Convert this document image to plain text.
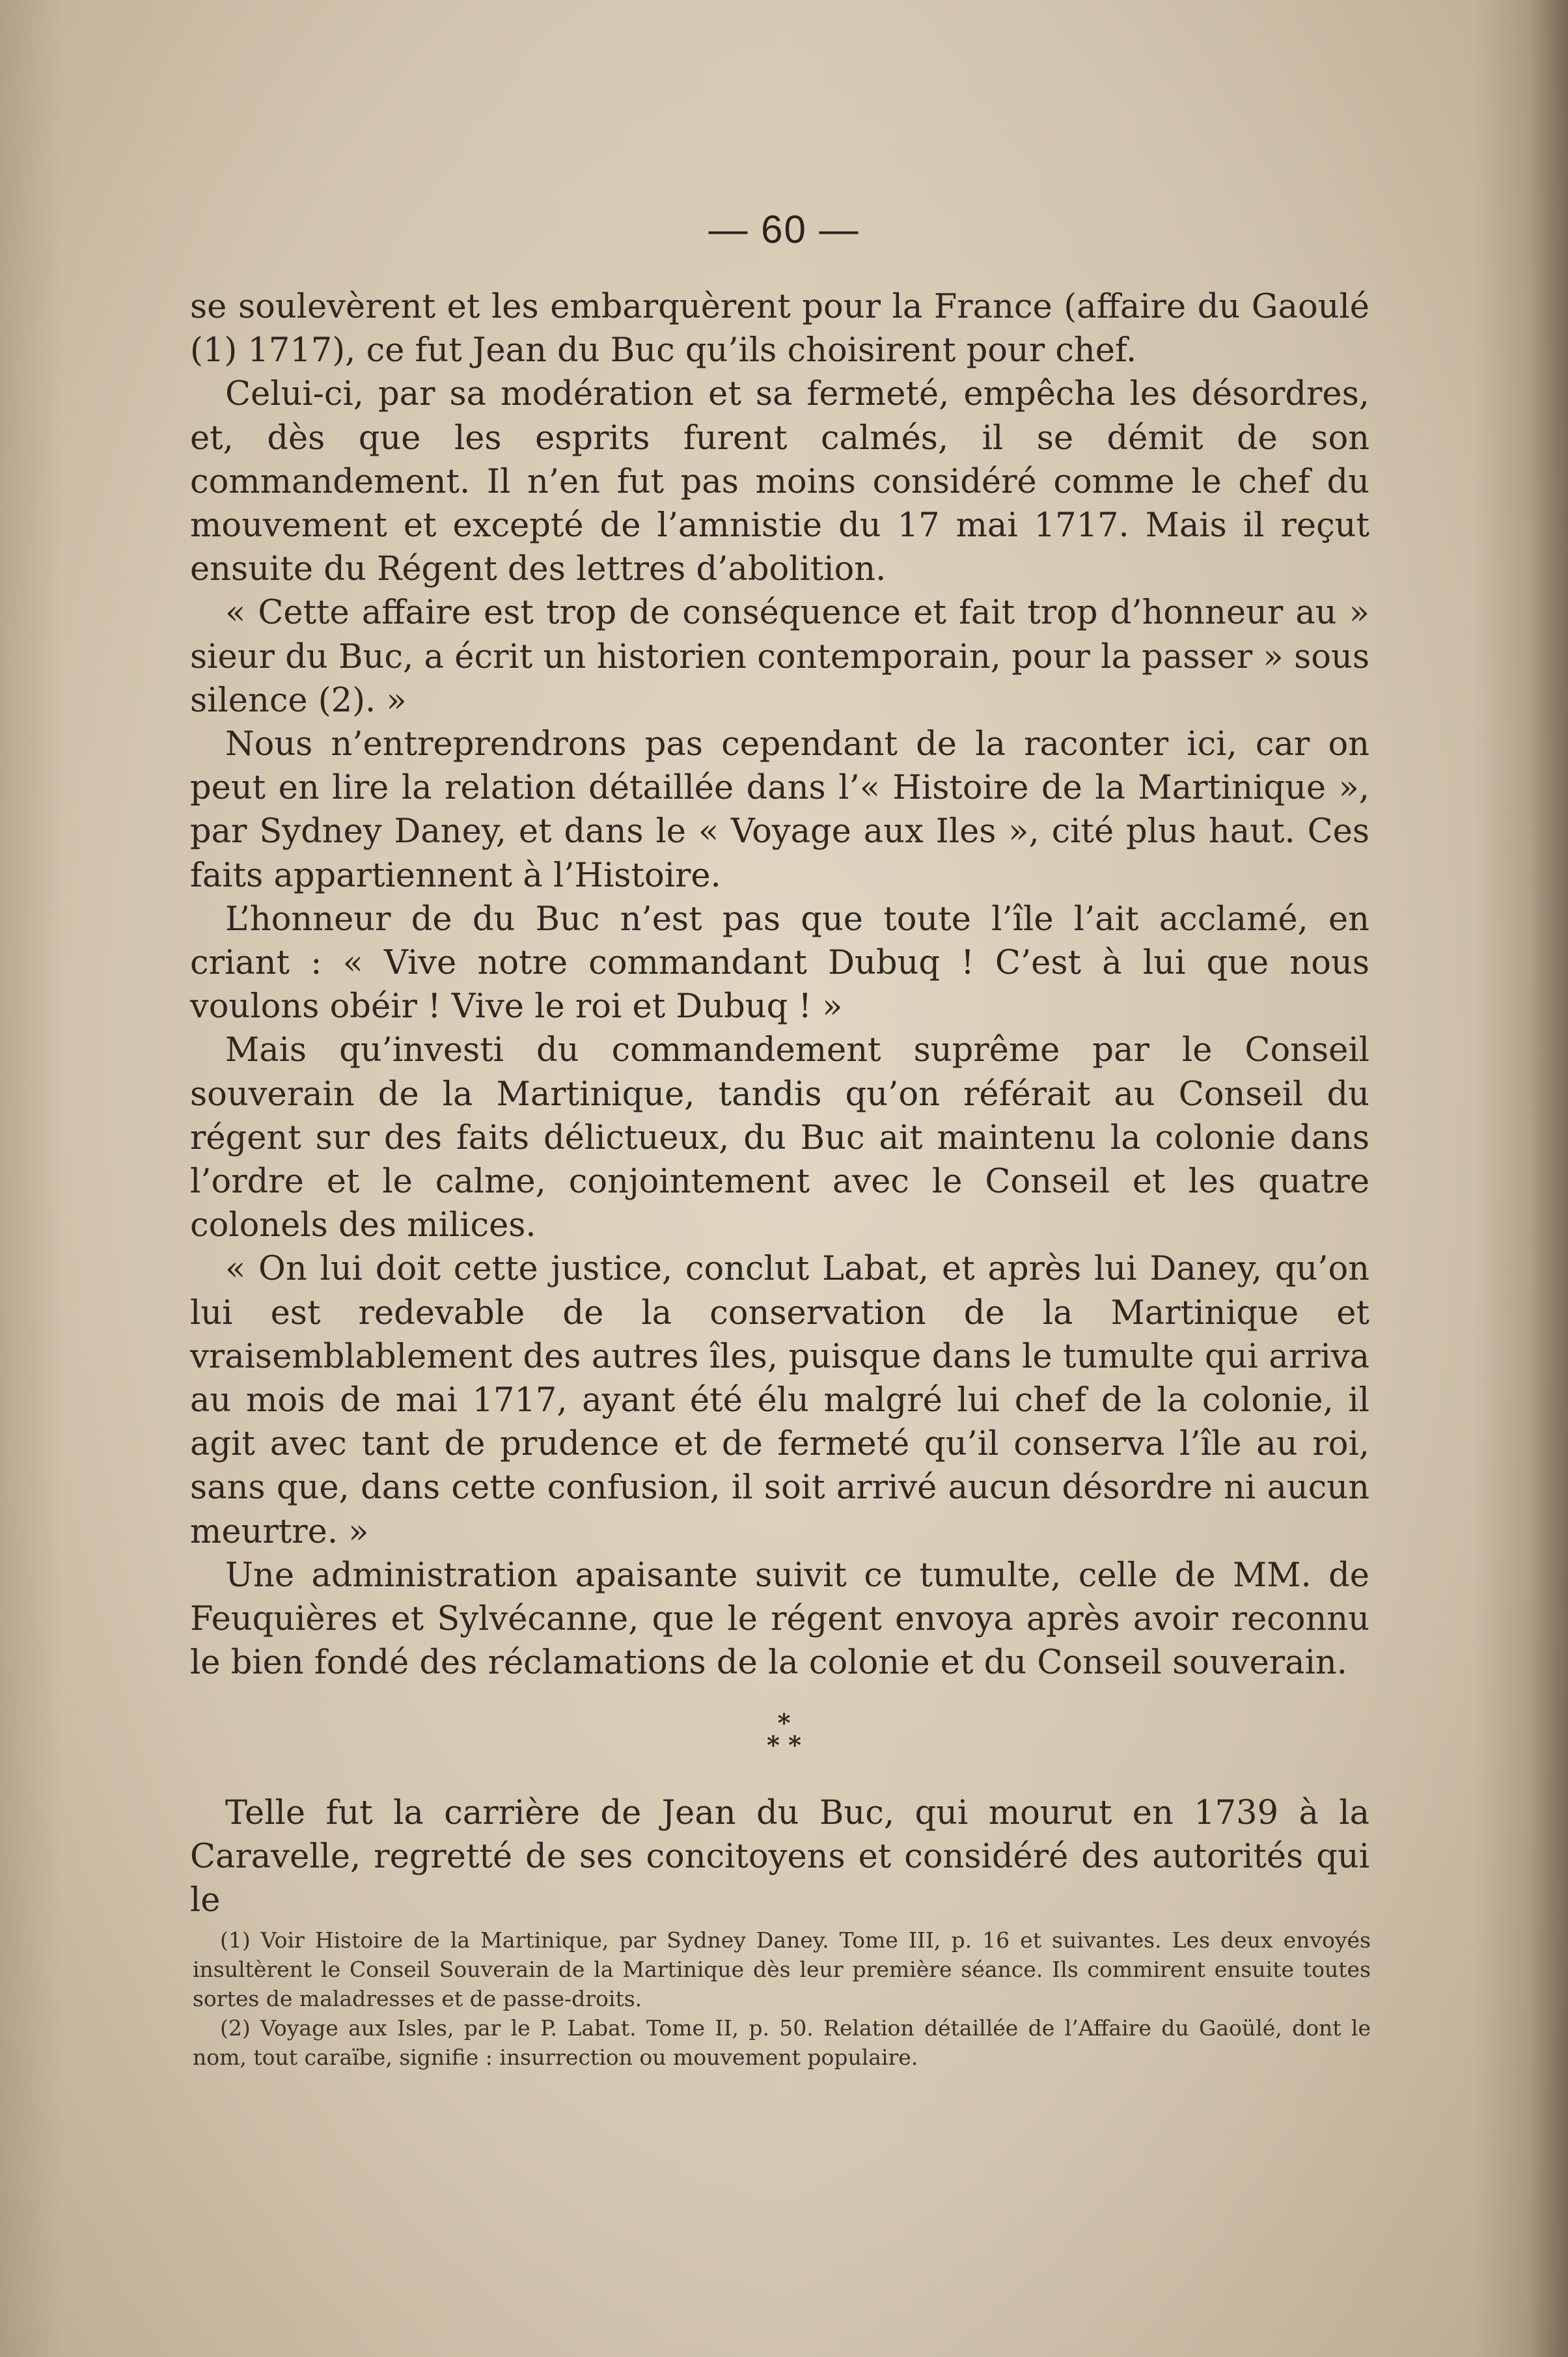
— 60 —

se soulevèrent et les embarquèrent pour la France (affaire du Gaoulé (1) 1717), ce fut Jean du Buc qu’ils choisirent pour chef.

Celui-ci, par sa modération et sa fermeté, empêcha les désordres, et, dès que les esprits furent calmés, il se démit de son commandement. Il n’en fut pas moins considéré comme le chef du mouvement et excepté de l’amnistie du 17 mai 1717. Mais il reçut ensuite du Régent des lettres d’abolition.

« Cette affaire est trop de conséquence et fait trop d’honneur au » sieur du Buc, a écrit un historien contemporain, pour la passer » sous silence (2). »

Nous n’entreprendrons pas cependant de la raconter ici, car on peut en lire la relation détaillée dans l’« Histoire de la Martinique », par Sydney Daney, et dans le « Voyage aux Iles », cité plus haut. Ces faits appartiennent à l’Histoire.

L’honneur de du Buc n’est pas que toute l’île l’ait acclamé, en criant : « Vive notre commandant Dubuq ! C’est à lui que nous voulons obéir ! Vive le roi et Dubuq ! »

Mais qu’investi du commandement suprême par le Conseil souverain de la Martinique, tandis qu’on référait au Conseil du régent sur des faits délictueux, du Buc ait maintenu la colonie dans l’ordre et le calme, conjointement avec le Conseil et les quatre colonels des milices.

« On lui doit cette justice, conclut Labat, et après lui Daney, qu’on lui est redevable de la conservation de la Martinique et vraisemblablement des autres îles, puisque dans le tumulte qui arriva au mois de mai 1717, ayant été élu malgré lui chef de la colonie, il agit avec tant de prudence et de fermeté qu’il conserva l’île au roi, sans que, dans cette confusion, il soit arrivé aucun désordre ni aucun meurtre. »

Une administration apaisante suivit ce tumulte, celle de MM. de Feuquières et Sylvécanne, que le régent envoya après avoir reconnu le bien fondé des réclamations de la colonie et du Conseil souverain.

*
* *

Telle fut la carrière de Jean du Buc, qui mourut en 1739 à la Caravelle, regretté de ses concitoyens et considéré des autorités qui le

(1) Voir Histoire de la Martinique, par Sydney Daney. Tome III, p. 16 et suivantes. Les deux envoyés insultèrent le Conseil Souverain de la Martinique dès leur première séance. Ils commirent ensuite toutes sortes de maladresses et de passe-droits.

(2) Voyage aux Isles, par le P. Labat. Tome II, p. 50. Relation détaillée de l’Affaire du Gaoülé, dont le nom, tout caraïbe, signifie : insurrection ou mouvement populaire.
